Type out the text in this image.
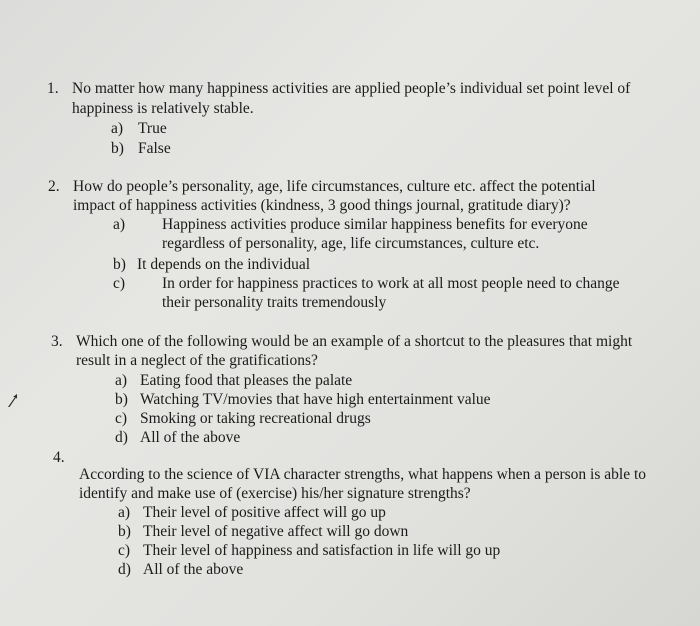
1. No matter how many happiness activities are applied people’s individual set point level of
happiness is relatively stable.
a) True
b) False
2. How do people’s personality, age, life circumstances, culture etc. affect the potential
impact of happiness activities (kindness, 3 good things journal, gratitude diary)?
a) Happiness activities produce similar happiness benefits for everyone
regardless of personality, age, life circumstances, culture etc.
b) It depends on the individual
c) In order for happiness practices to work at all most people need to change
their personality traits tremendously
3. Which one of the following would be an example of a shortcut to the pleasures that might
result in a neglect of the gratifications?
a) Eating food that pleases the palate
b) Watching TV/movies that have high entertainment value
c) Smoking or taking recreational drugs
d) All of the above
4.
According to the science of VIA character strengths, what happens when a person is able to
identify and make use of (exercise) his/her signature strengths?
a) Their level of positive affect will go up
b) Their level of negative affect will go down
c) Their level of happiness and satisfaction in life will go up
d) All of the above
